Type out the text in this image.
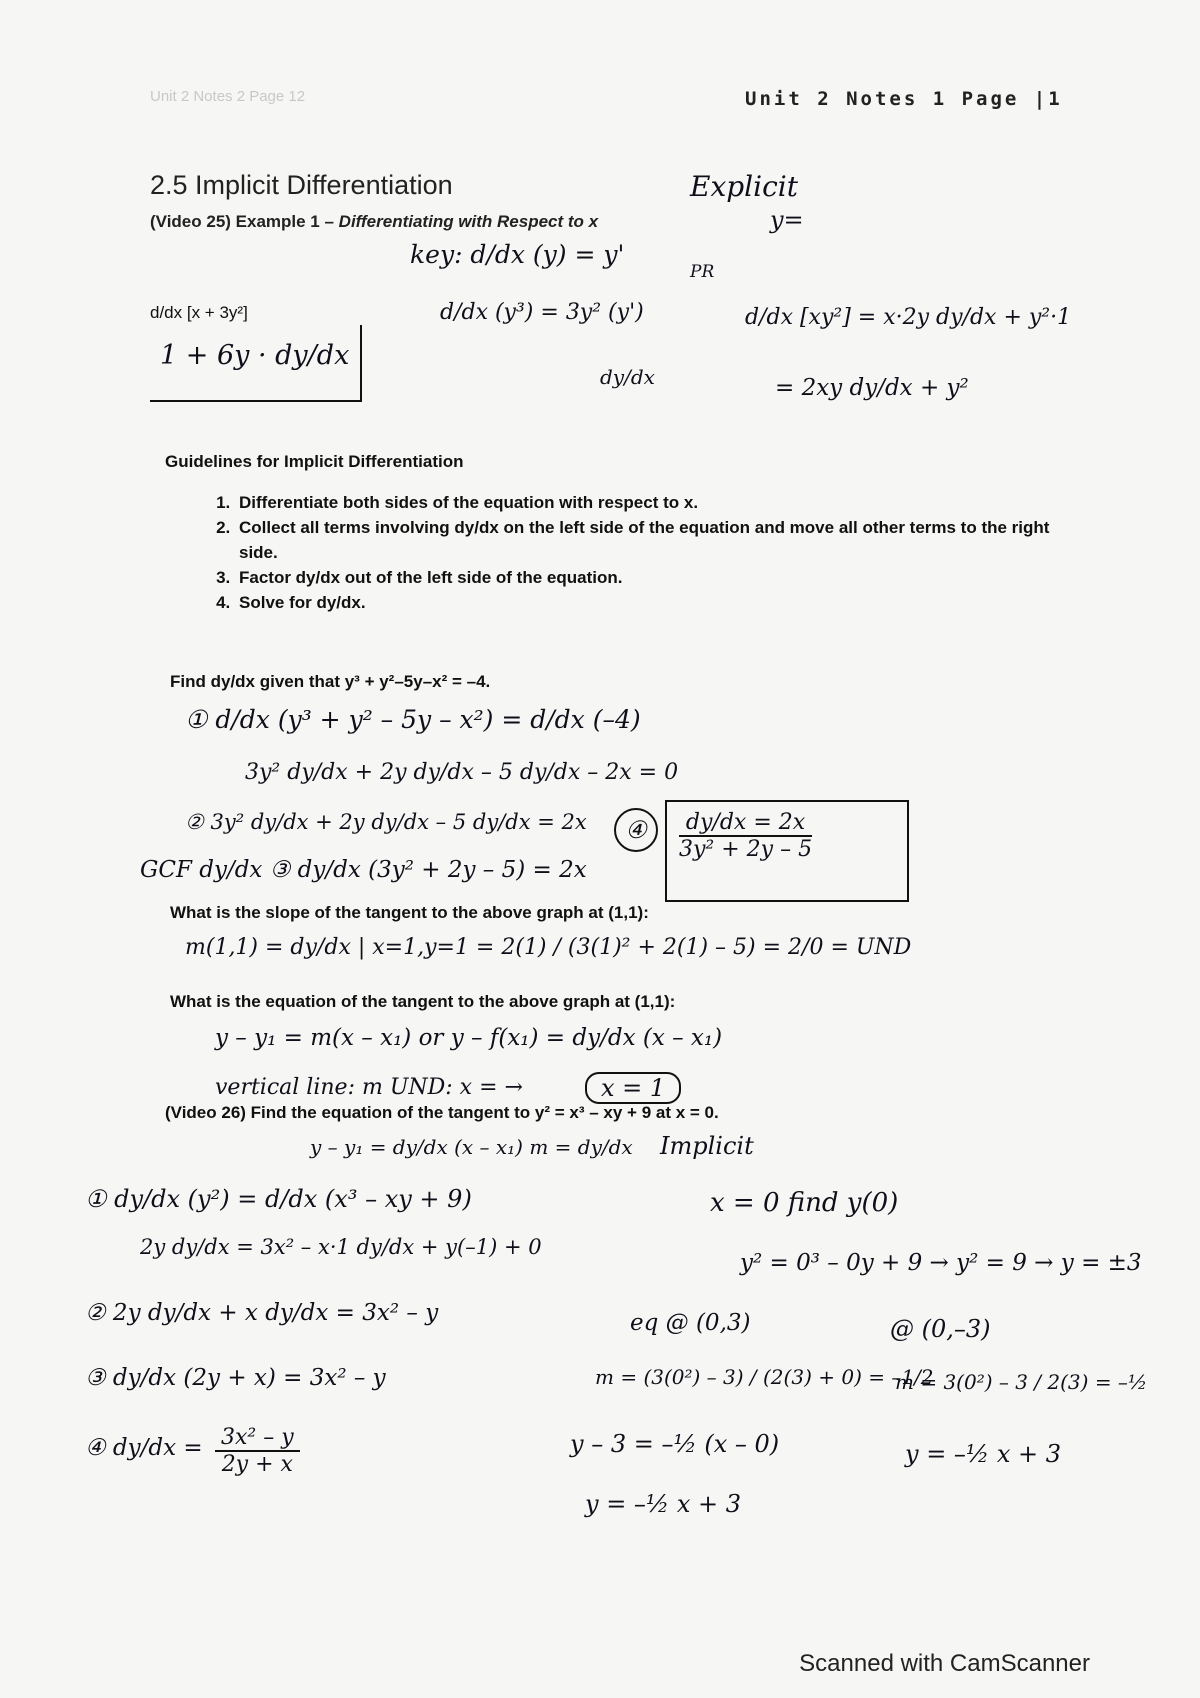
Unit 2 Notes 2 Page 12	Unit 2 Notes 1 Page |1
2.5 Implicit Differentiation
(Video 25) Example 1 – Differentiating with Respect to x
Explicit
y=
key: d/dx (y) = y'
PR
d/dx [x + 3y²]
1 + 6y · dy/dx
d/dx (y³) = 3y² (y')
dy/dx
d/dx [xy²] = x·2y dy/dx + y²·1
= 2xy dy/dx + y²
Guidelines for Implicit Differentiation
1. Differentiate both sides of the equation with respect to x.
2. Collect all terms involving dy/dx on the left side of the equation and move all other terms to the right side.
3. Factor dy/dx out of the left side of the equation.
4. Solve for dy/dx.
Find dy/dx given that y³ + y²–5y–x² = –4.
① d/dx (y³ + y² – 5y – x²) = d/dx (–4)
3y² dy/dx + 2y dy/dx – 5 dy/dx – 2x = 0
② 3y² dy/dx + 2y dy/dx – 5 dy/dx = 2x
GCF dy/dx ③ dy/dx (3y² + 2y – 5) = 2x
④	$\frac{dy/dx = 2x}{\text{3y² + 2y – 5}}$
What is the slope of the tangent to the above graph at (1,1):
m(1,1) = dy/dx | x=1,y=1 = 2(1) / (3(1)² + 2(1) – 5) = 2/0 = UND
What is the equation of the tangent to the above graph at (1,1):
y – y₁ = m(x – x₁) or y – f(x₁) = dy/dx (x – x₁)
vertical line: m UND: x = →	x = 1
(Video 26) Find the equation of the tangent to y² = x³ – xy + 9 at x = 0.
y – y₁ = dy/dx (x – x₁) m = dy/dx Implicit
① dy/dx (y²) = d/dx (x³ – xy + 9)
2y dy/dx = 3x² – x·1 dy/dx + y(–1) + 0
② 2y dy/dx + x dy/dx = 3x² – y
③ dy/dx (2y + x) = 3x² – y
④ $dy/dx = \frac{\text{3x² – y}}{2y + x}$
x = 0 find y(0)
y² = 0³ – 0y + 9 → y² = 9 → y = ±3
eq @ (0,3)
m = (3(0²) – 3) / (2(3) + 0) = –1/2
y – 3 = –½ (x – 0)
y = –½ x + 3
@ (0,–3)
m = 3(0²) – 3 / 2(3) = –½
y = –½ x + 3
Scanned with CamScanner
